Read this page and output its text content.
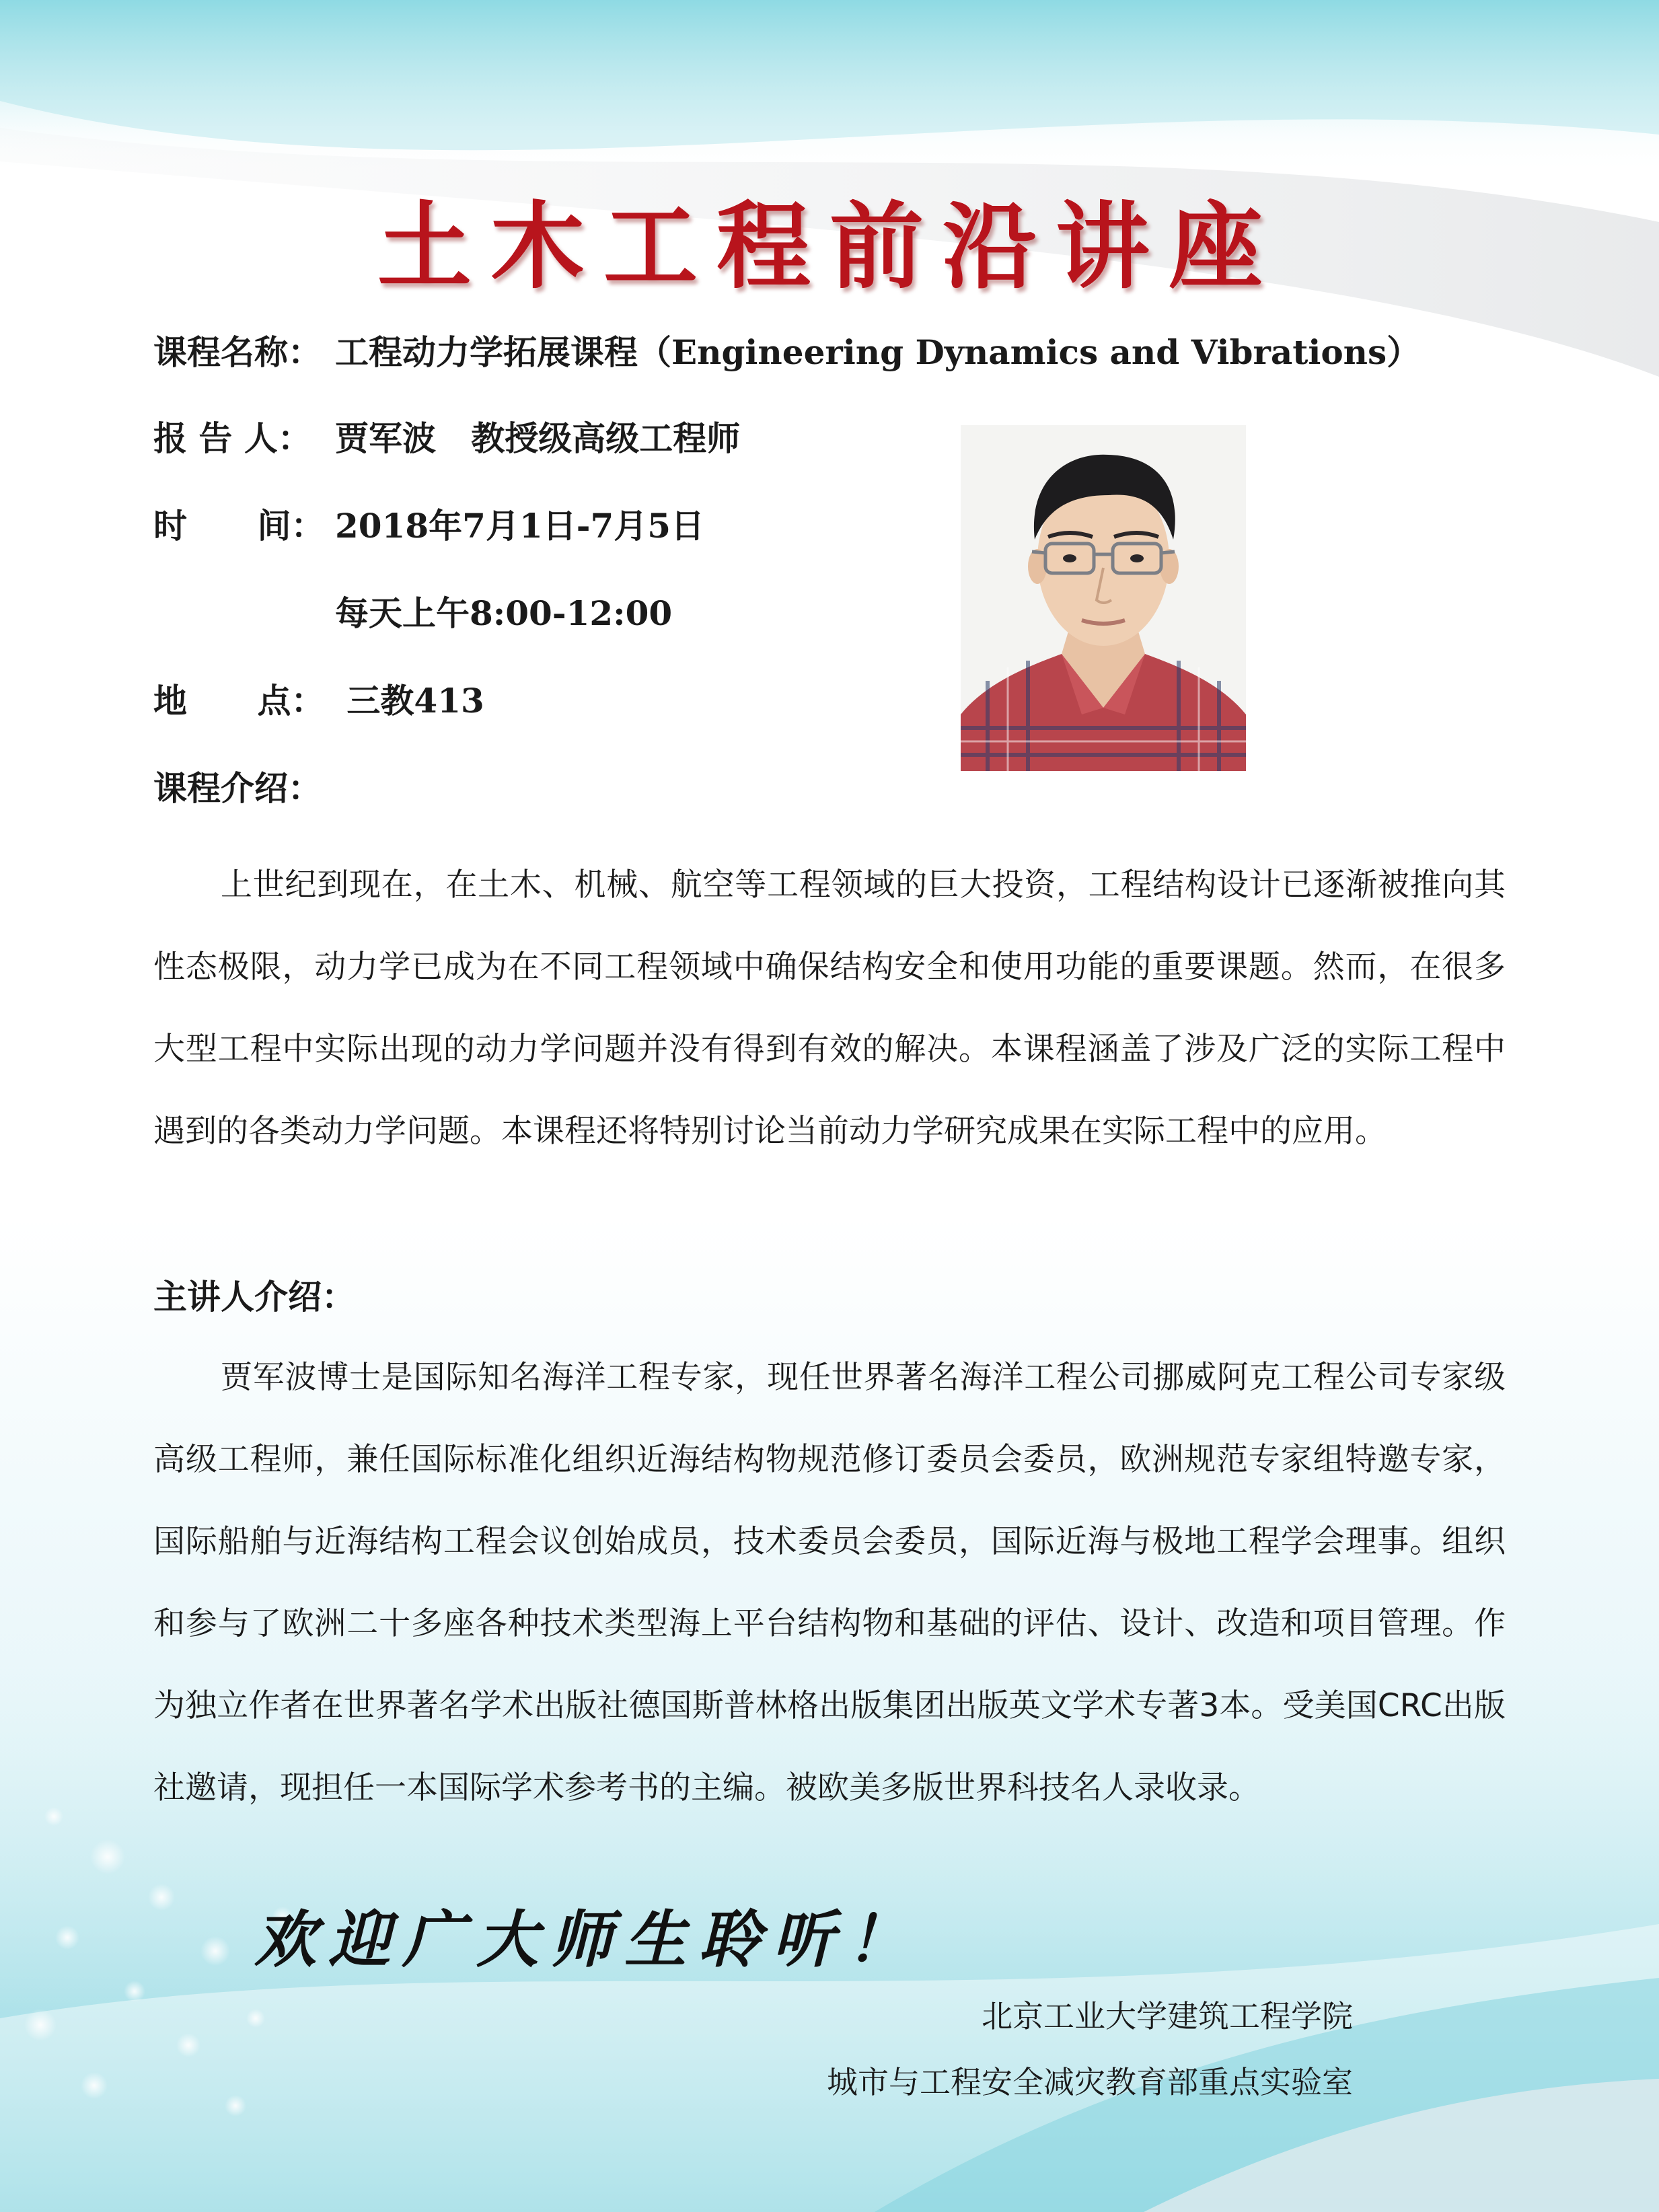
土木工程前沿讲座
课程名称： 工程动力学拓展课程（Engineering Dynamics and Vibrations）
报 告 人： 贾军波   教授级高级工程师
时      间： 2018年7月1日-7月5日
每天上午8:00-12:00
地      点： 三教413
课程介绍：

上世纪到现在，在土木、机械、航空等工程领域的巨大投资，工程结构设计已逐渐被推向其性态极限，动力学已成为在不同工程领域中确保结构安全和使用功能的重要课题。然而，在很多大型工程中实际出现的动力学问题并没有得到有效的解决。本课程涵盖了涉及广泛的实际工程中遇到的各类动力学问题。本课程还将特别讨论当前动力学研究成果在实际工程中的应用。

主讲人介绍：

贾军波博士是国际知名海洋工程专家，现任世界著名海洋工程公司挪威阿克工程公司专家级高级工程师，兼任国际标准化组织近海结构物规范修订委员会委员，欧洲规范专家组特邀专家，国际船舶与近海结构工程会议创始成员，技术委员会委员，国际近海与极地工程学会理事。组织和参与了欧洲二十多座各种技术类型海上平台结构物和基础的评估、设计、改造和项目管理。作为独立作者在世界著名学术出版社德国斯普林格出版集团出版英文学术专著3本。受美国CRC出版社邀请，现担任一本国际学术参考书的主编。被欧美多版世界科技名人录收录。

欢迎广大师生聆听！
北京工业大学建筑工程学院
城市与工程安全减灾教育部重点实验室
